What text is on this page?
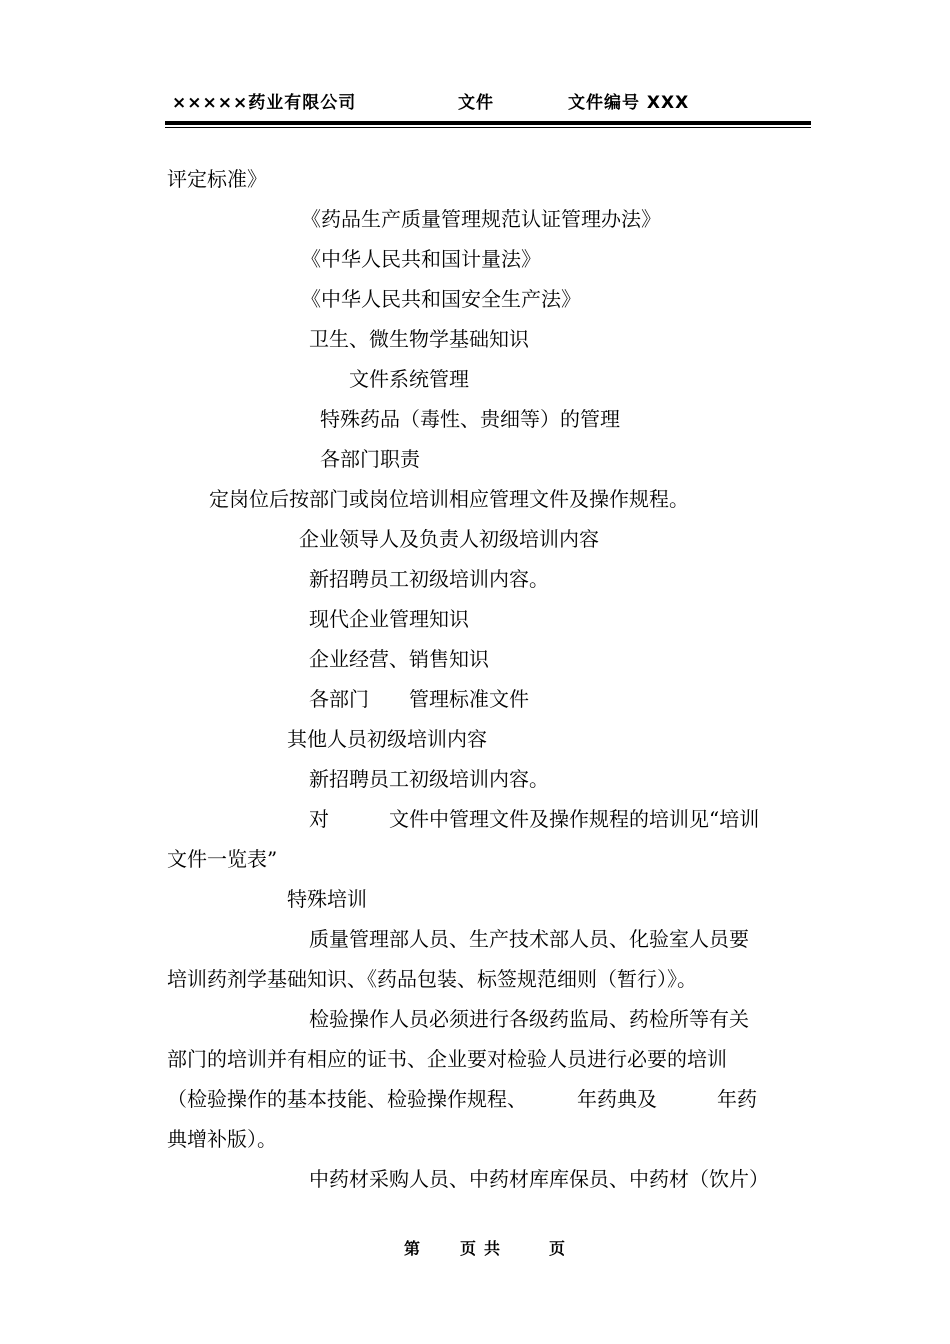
×××××药业有限公司	文件	文件编号 XXX
评定标准》
《药品生产质量管理规范认证管理办法》
《中华人民共和国计量法》
《中华人民共和国安全生产法》
卫生、微生物学基础知识
文件系统管理
特殊药品（毒性、贵细等）的管理
各部门职责
定岗位后按部门或岗位培训相应管理文件及操作规程。
企业领导人及负责人初级培训内容
新招聘员工初级培训内容。
现代企业管理知识
企业经营、销售知识
各部门　　管理标准文件
其他人员初级培训内容
新招聘员工初级培训内容。
对　　　文件中管理文件及操作规程的培训见“培训
文件一览表”
特殊培训
质量管理部人员、生产技术部人员、化验室人员要
培训药剂学基础知识、《药品包装、标签规范细则（暂行）》。
检验操作人员必须进行各级药监局、药检所等有关
部门的培训并有相应的证书、企业要对检验人员进行必要的培训
（检验操作的基本技能、检验操作规程、　　　年药典及　　　年药
典增补版）。
中药材采购人员、中药材库库保员、中药材（饮片）
第 页共	页
